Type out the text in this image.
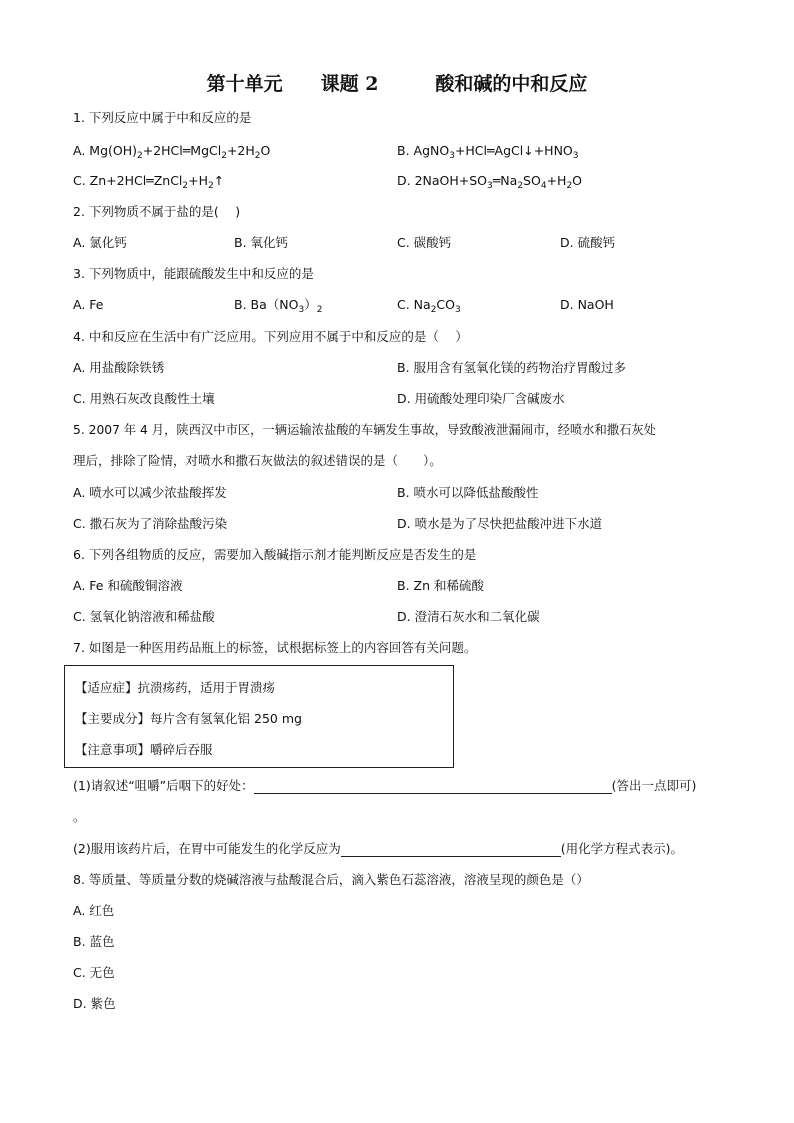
第十单元　　课题 2　　　酸和碱的中和反应
1. 下列反应中属于中和反应的是
A. $Mg(OH)_2+2HCl═MgCl_2+2H_2O$	B. $AgNO_3+HCl═AgCl↓+HNO_3$
C. $Zn+2HCl═ZnCl_2+H_2↑$	D. $2NaOH+SO_3═Na_2SO_4+H_2O$
2. 下列物质不属于盐的是(　 )
A. 氯化钙	B. 氧化钙	C. 碳酸钙	D. 硫酸钙
3. 下列物质中，能跟硫酸发生中和反应的是
A. Fe	B. $Ba(NO_3)_2$	C. $Na_2CO_3$	D. NaOH
4. 中和反应在生活中有广泛应用。下列应用不属于中和反应的是（　 ）
A. 用盐酸除铁锈	B. 服用含有氢氧化镁的药物治疗胃酸过多
C. 用熟石灰改良酸性土壤	D. 用硫酸处理印染厂含碱废水
5. 2007 年 4 月，陕西汉中市区，一辆运输浓盐酸的车辆发生事故，导致酸液泄漏闹市，经喷水和撒石灰处
理后，排除了险情，对喷水和撒石灰做法的叙述错误的是（　　）。
A. 喷水可以减少浓盐酸挥发	B. 喷水可以降低盐酸酸性
C. 撒石灰为了消除盐酸污染	D. 喷水是为了尽快把盐酸冲进下水道
6. 下列各组物质的反应，需要加入酸碱指示剂才能判断反应是否发生的是
A. Fe 和硫酸铜溶液	B. Zn 和稀硫酸
C. 氢氧化钠溶液和稀盐酸	D. 澄清石灰水和二氧化碳
7. 如图是一种医用药品瓶上的标签，试根据标签上的内容回答有关问题。
【适应症】抗溃疡药，适用于胃溃疡
【主要成分】每片含有氢氧化铝 250 mg
【注意事项】嚼碎后吞服
(1)请叙述“咀嚼”后咽下的好处：	(答出一点即可)
。
(2)服用该药片后，在胃中可能发生的化学反应为	(用化学方程式表示)。
8. 等质量、等质量分数的烧碱溶液与盐酸混合后，滴入紫色石蕊溶液，溶液呈现的颜色是（）
A. 红色
B. 蓝色
C. 无色
D. 紫色
